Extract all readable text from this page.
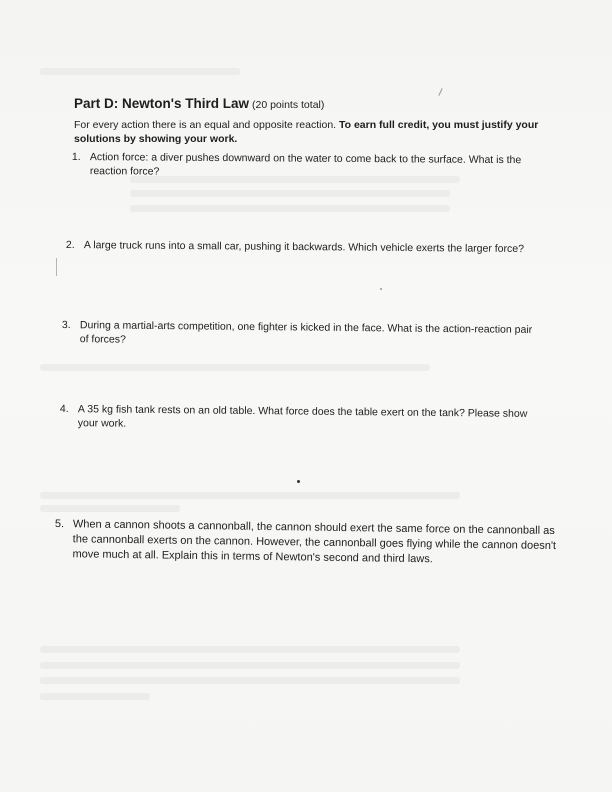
Part D: Newton's Third Law (20 points total)
For every action there is an equal and opposite reaction. To earn full credit, you must justify your solutions by showing your work.
1. Action force: a diver pushes downward on the water to come back to the surface. What is the reaction force?
2. A large truck runs into a small car, pushing it backwards. Which vehicle exerts the larger force?
3. During a martial-arts competition, one fighter is kicked in the face. What is the action-reaction pair of forces?
4. A 35 kg fish tank rests on an old table. What force does the table exert on the tank? Please show your work.
5. When a cannon shoots a cannonball, the cannon should exert the same force on the cannonball as the cannonball exerts on the cannon. However, the cannonball goes flying while the cannon doesn't move much at all. Explain this in terms of Newton's second and third laws.
